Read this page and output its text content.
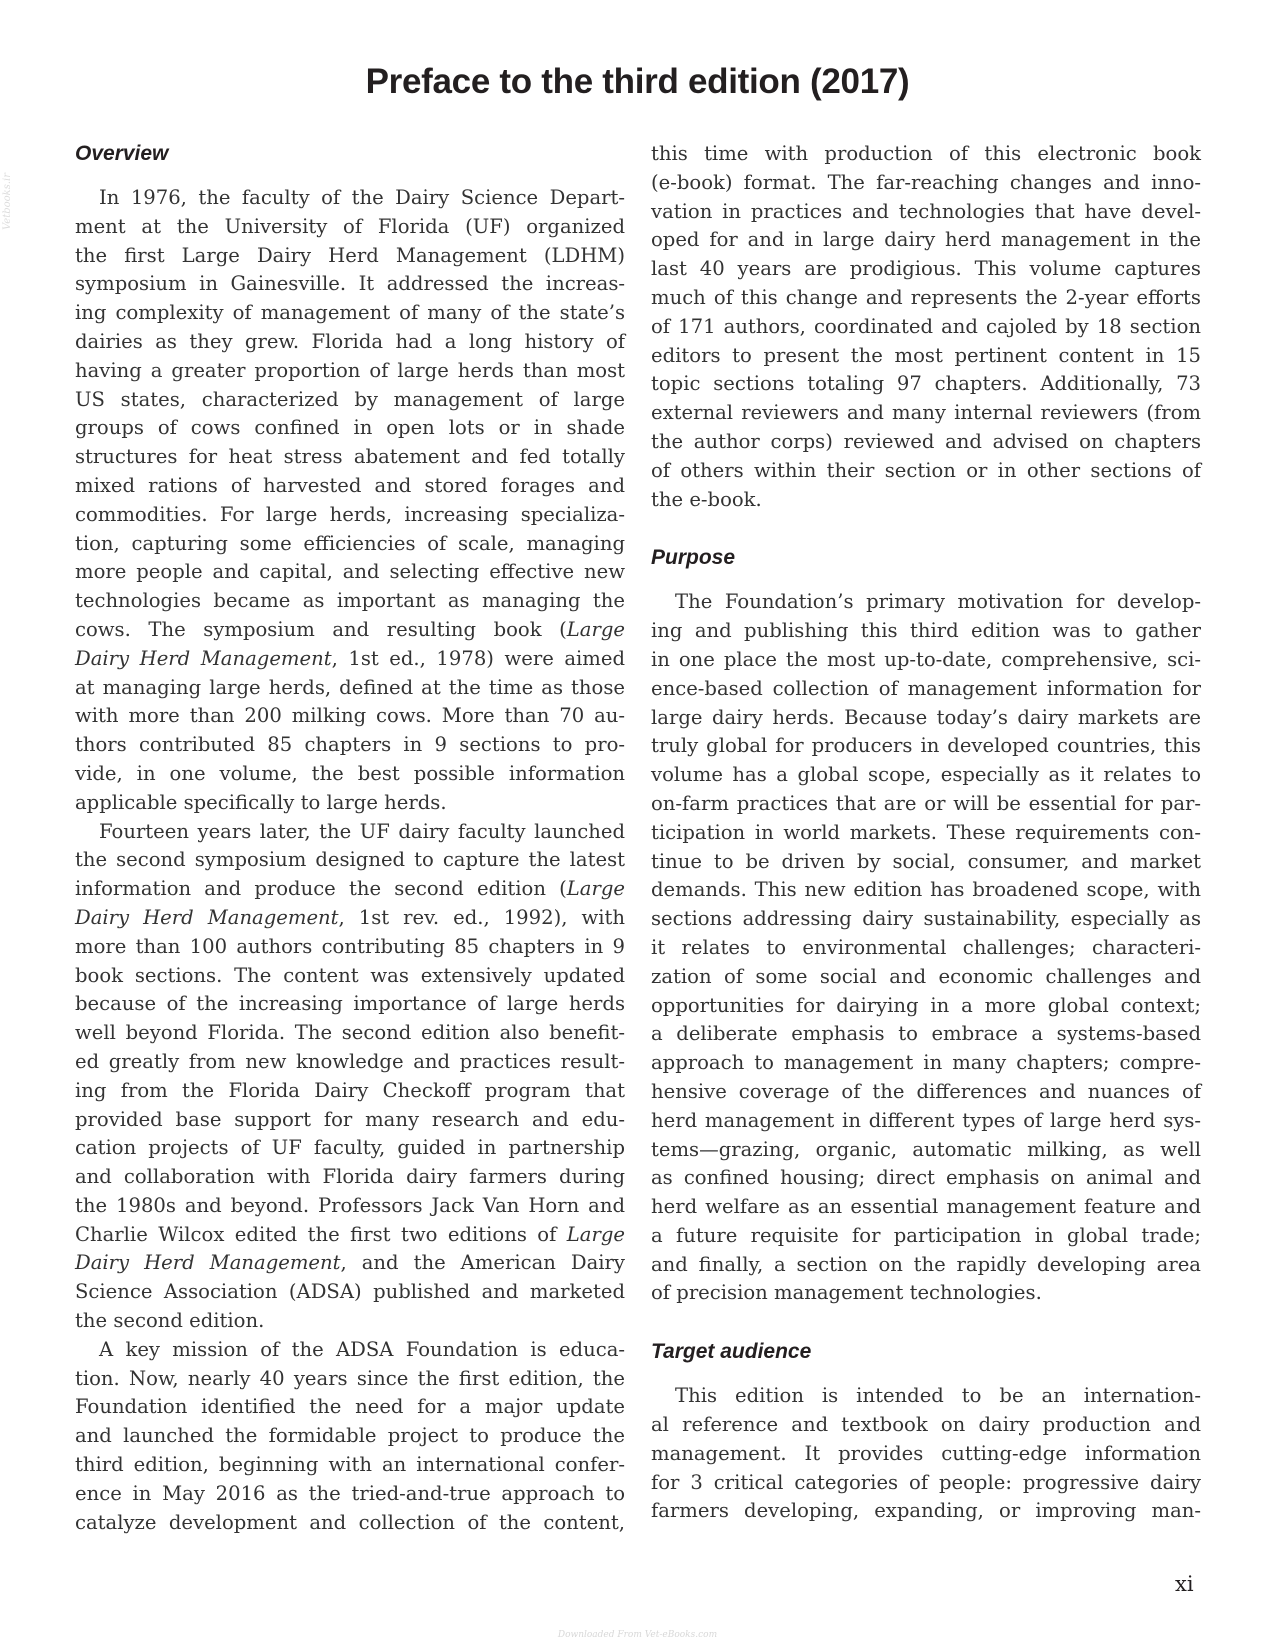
Vetbooks.ir
Preface to the third edition (2017)
Overview
In 1976, the faculty of the Dairy Science Depart-
ment at the University of Florida (UF) organized
the first Large Dairy Herd Management (LDHM)
symposium in Gainesville. It addressed the increas-
ing complexity of management of many of the state’s
dairies as they grew. Florida had a long history of
having a greater proportion of large herds than most
US states, characterized by management of large
groups of cows confined in open lots or in shade
structures for heat stress abatement and fed totally
mixed rations of harvested and stored forages and
commodities. For large herds, increasing specializa-
tion, capturing some efficiencies of scale, managing
more people and capital, and selecting effective new
technologies became as important as managing the
cows. The symposium and resulting book (Large
Dairy Herd Management, 1st ed., 1978) were aimed
at managing large herds, defined at the time as those
with more than 200 milking cows. More than 70 au-
thors contributed 85 chapters in 9 sections to pro-
vide, in one volume, the best possible information
applicable specifically to large herds.
Fourteen years later, the UF dairy faculty launched
the second symposium designed to capture the latest
information and produce the second edition (Large
Dairy Herd Management, 1st rev. ed., 1992), with
more than 100 authors contributing 85 chapters in 9
book sections. The content was extensively updated
because of the increasing importance of large herds
well beyond Florida. The second edition also benefit-
ed greatly from new knowledge and practices result-
ing from the Florida Dairy Checkoff program that
provided base support for many research and edu-
cation projects of UF faculty, guided in partnership
and collaboration with Florida dairy farmers during
the 1980s and beyond. Professors Jack Van Horn and
Charlie Wilcox edited the first two editions of Large
Dairy Herd Management, and the American Dairy
Science Association (ADSA) published and marketed
the second edition.
A key mission of the ADSA Foundation is educa-
tion. Now, nearly 40 years since the first edition, the
Foundation identified the need for a major update
and launched the formidable project to produce the
third edition, beginning with an international confer-
ence in May 2016 as the tried-and-true approach to
catalyze development and collection of the content,
this time with production of this electronic book
(e-book) format. The far-reaching changes and inno-
vation in practices and technologies that have devel-
oped for and in large dairy herd management in the
last 40 years are prodigious. This volume captures
much of this change and represents the 2-year efforts
of 171 authors, coordinated and cajoled by 18 section
editors to present the most pertinent content in 15
topic sections totaling 97 chapters. Additionally, 73
external reviewers and many internal reviewers (from
the author corps) reviewed and advised on chapters
of others within their section or in other sections of
the e-book.
Purpose
The Foundation’s primary motivation for develop-
ing and publishing this third edition was to gather
in one place the most up-to-date, comprehensive, sci-
ence-based collection of management information for
large dairy herds. Because today’s dairy markets are
truly global for producers in developed countries, this
volume has a global scope, especially as it relates to
on-farm practices that are or will be essential for par-
ticipation in world markets. These requirements con-
tinue to be driven by social, consumer, and market
demands. This new edition has broadened scope, with
sections addressing dairy sustainability, especially as
it relates to environmental challenges; characteri-
zation of some social and economic challenges and
opportunities for dairying in a more global context;
a deliberate emphasis to embrace a systems-based
approach to management in many chapters; compre-
hensive coverage of the differences and nuances of
herd management in different types of large herd sys-
tems—grazing, organic, automatic milking, as well
as confined housing; direct emphasis on animal and
herd welfare as an essential management feature and
a future requisite for participation in global trade;
and finally, a section on the rapidly developing area
of precision management technologies.
Target audience
This edition is intended to be an internation-
al reference and textbook on dairy production and
management. It provides cutting-edge information
for 3 critical categories of people: progressive dairy
farmers developing, expanding, or improving man-
xi
Downloaded From Vet-eBooks.com
